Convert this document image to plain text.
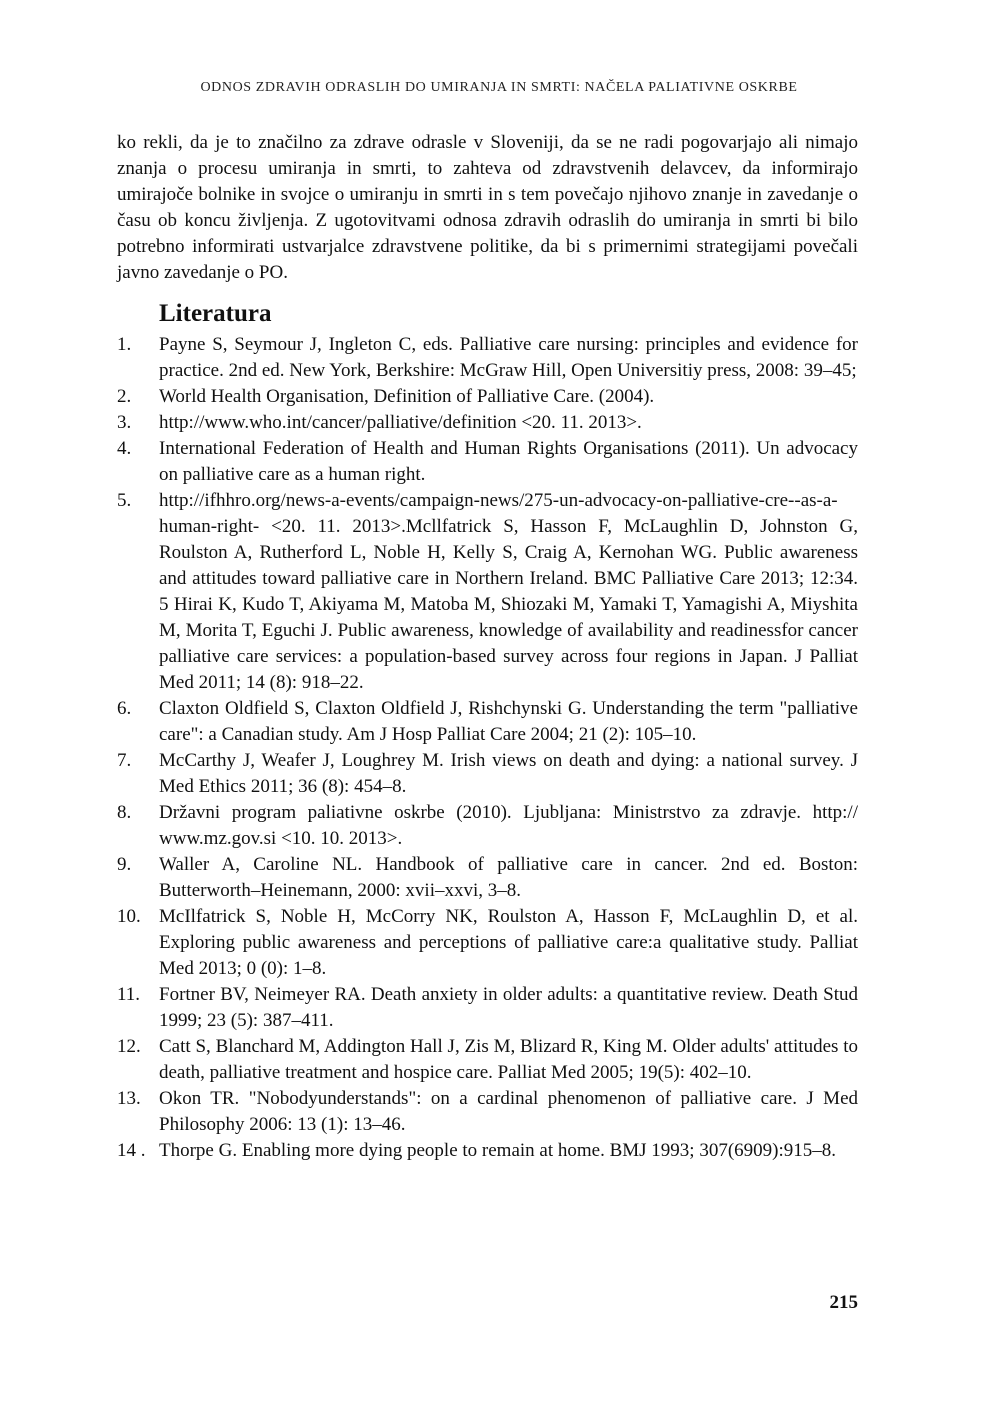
ODNOS ZDRAVIH ODRASLIH DO UMIRANJA IN SMRTI: NAČELA PALIATIVNE OSKRBE

ko rekli, da je to značilno za zdrave odrasle v Sloveniji, da se ne radi pogovarjajo ali nimajo znanja o procesu umiranja in smrti, to zahteva od zdravstvenih delavcev, da informirajo umirajoče bolnike in svojce o umiranju in smrti in s tem povečajo njihovo znanje in zavedanje o času ob koncu življenja. Z ugotovitvami odnosa zdravih odraslih do umiranja in smrti bi bilo potrebno informirati ustvarjalce zdravstvene politike, da bi s primernimi strategijami povečali javno zavedanje o PO.

Literatura
1.	Payne S, Seymour J, Ingleton C, eds. Palliative care nursing: principles and evidence for practice. 2nd ed. New York, Berkshire: McGraw Hill, Open Universitiy press, 2008: 39–45;
2.	World Health Organisation, Definition of Palliative Care. (2004).
3.	http://www.who.int/cancer/palliative/definition <20. 11. 2013>.
4.	International Federation of Health and Human Rights Organisations (2011). Un advocacy on palliative care as a human right.
5.	http://ifhhro.org/news-a-events/campaign-news/275-un-advocacy-on-palliative-cre--as-a-human-right- <20. 11. 2013>.Mcllfatrick S, Hasson F, McLaughlin D, Johnston G, Roulston A, Rutherford L, Noble H, Kelly S, Craig A, Kernohan WG. Public awareness and attitudes toward palliative care in Northern Ireland. BMC Palliative Care 2013; 12:34. 5 Hirai K, Kudo T, Akiyama M, Matoba M, Shiozaki M, Yamaki T, Yamagishi A, Miyshita M, Morita T, Eguchi J. Public awareness, knowledge of availability and readinessfor cancer palliative care services: a population-based survey across four regions in Japan. J Palliat Med 2011; 14 (8): 918–22.
6.	Claxton Oldfield S, Claxton Oldfield J, Rishchynski G. Understanding the term "palliative care": a Canadian study. Am J Hosp Palliat Care 2004; 21 (2): 105–10.
7.	McCarthy J, Weafer J, Loughrey M. Irish views on death and dying: a national survey. J Med Ethics 2011; 36 (8): 454–8.
8.	Državni program paliativne oskrbe (2010). Ljubljana: Ministrstvo za zdravje. http:// www.mz.gov.si <10. 10. 2013>.
9.	Waller A, Caroline NL. Handbook of palliative care in cancer. 2nd ed. Boston: Butterworth–Heinemann, 2000: xvii–xxvi, 3–8.
10. McIlfatrick S, Noble H, McCorry NK, Roulston A, Hasson F, McLaughlin D, et al. Exploring public awareness and perceptions of palliative care:a qualitative study. Palliat Med 2013; 0 (0): 1–8.
11. Fortner BV, Neimeyer RA. Death anxiety in older adults: a quantitative review. Death Stud 1999; 23 (5): 387–411.
12. Catt S, Blanchard M, Addington Hall J, Zis M, Blizard R, King M. Older adults' attitudes to death, palliative treatment and hospice care. Palliat Med 2005; 19(5): 402–10.
13. Okon TR. "Nobodyunderstands": on a cardinal phenomenon of palliative care. J Med Philosophy 2006: 13 (1): 13–46.
14 . Thorpe G. Enabling more dying people to remain at home. BMJ 1993; 307(6909):915–8.
215
